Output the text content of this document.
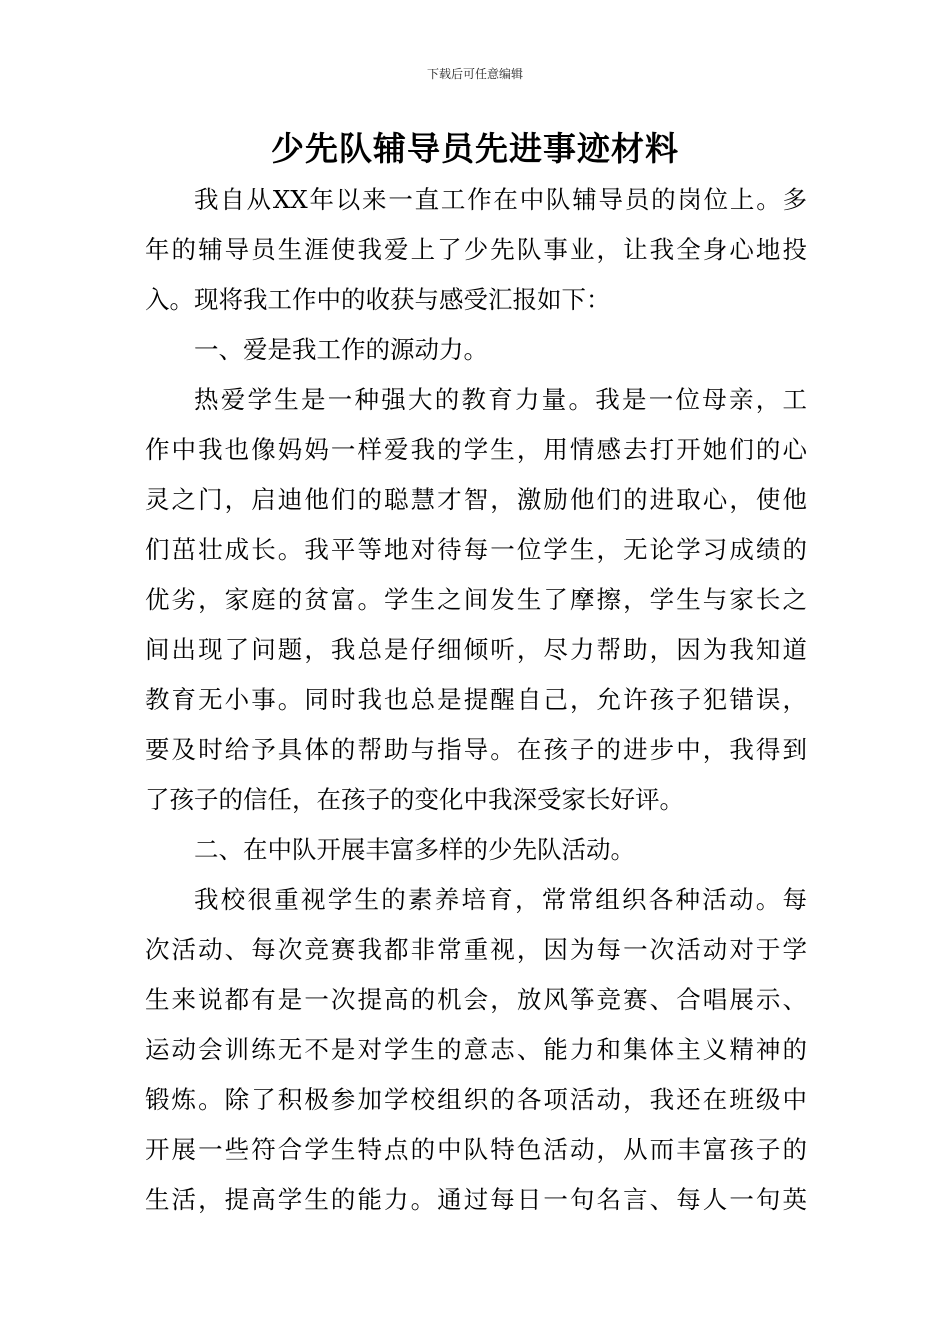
下载后可任意编辑
少先队辅导员先进事迹材料
我自从XX年以来一直工作在中队辅导员的岗位上。多
年的辅导员生涯使我爱上了少先队事业，让我全身心地投
入。现将我工作中的收获与感受汇报如下：
一、爱是我工作的源动力。
热爱学生是一种强大的教育力量。我是一位母亲，工
作中我也像妈妈一样爱我的学生，用情感去打开她们的心
灵之门，启迪他们的聪慧才智，激励他们的进取心，使他
们茁壮成长。我平等地对待每一位学生，无论学习成绩的
优劣，家庭的贫富。学生之间发生了摩擦，学生与家长之
间出现了问题，我总是仔细倾听，尽力帮助，因为我知道
教育无小事。同时我也总是提醒自己，允许孩子犯错误，
要及时给予具体的帮助与指导。在孩子的进步中，我得到
了孩子的信任，在孩子的变化中我深受家长好评。
二、在中队开展丰富多样的少先队活动。
我校很重视学生的素养培育，常常组织各种活动。每
次活动、每次竞赛我都非常重视，因为每一次活动对于学
生来说都有是一次提高的机会，放风筝竞赛、合唱展示、
运动会训练无不是对学生的意志、能力和集体主义精神的
锻炼。除了积极参加学校组织的各项活动，我还在班级中
开展一些符合学生特点的中队特色活动，从而丰富孩子的
生活，提高学生的能力。通过每日一句名言、每人一句英
